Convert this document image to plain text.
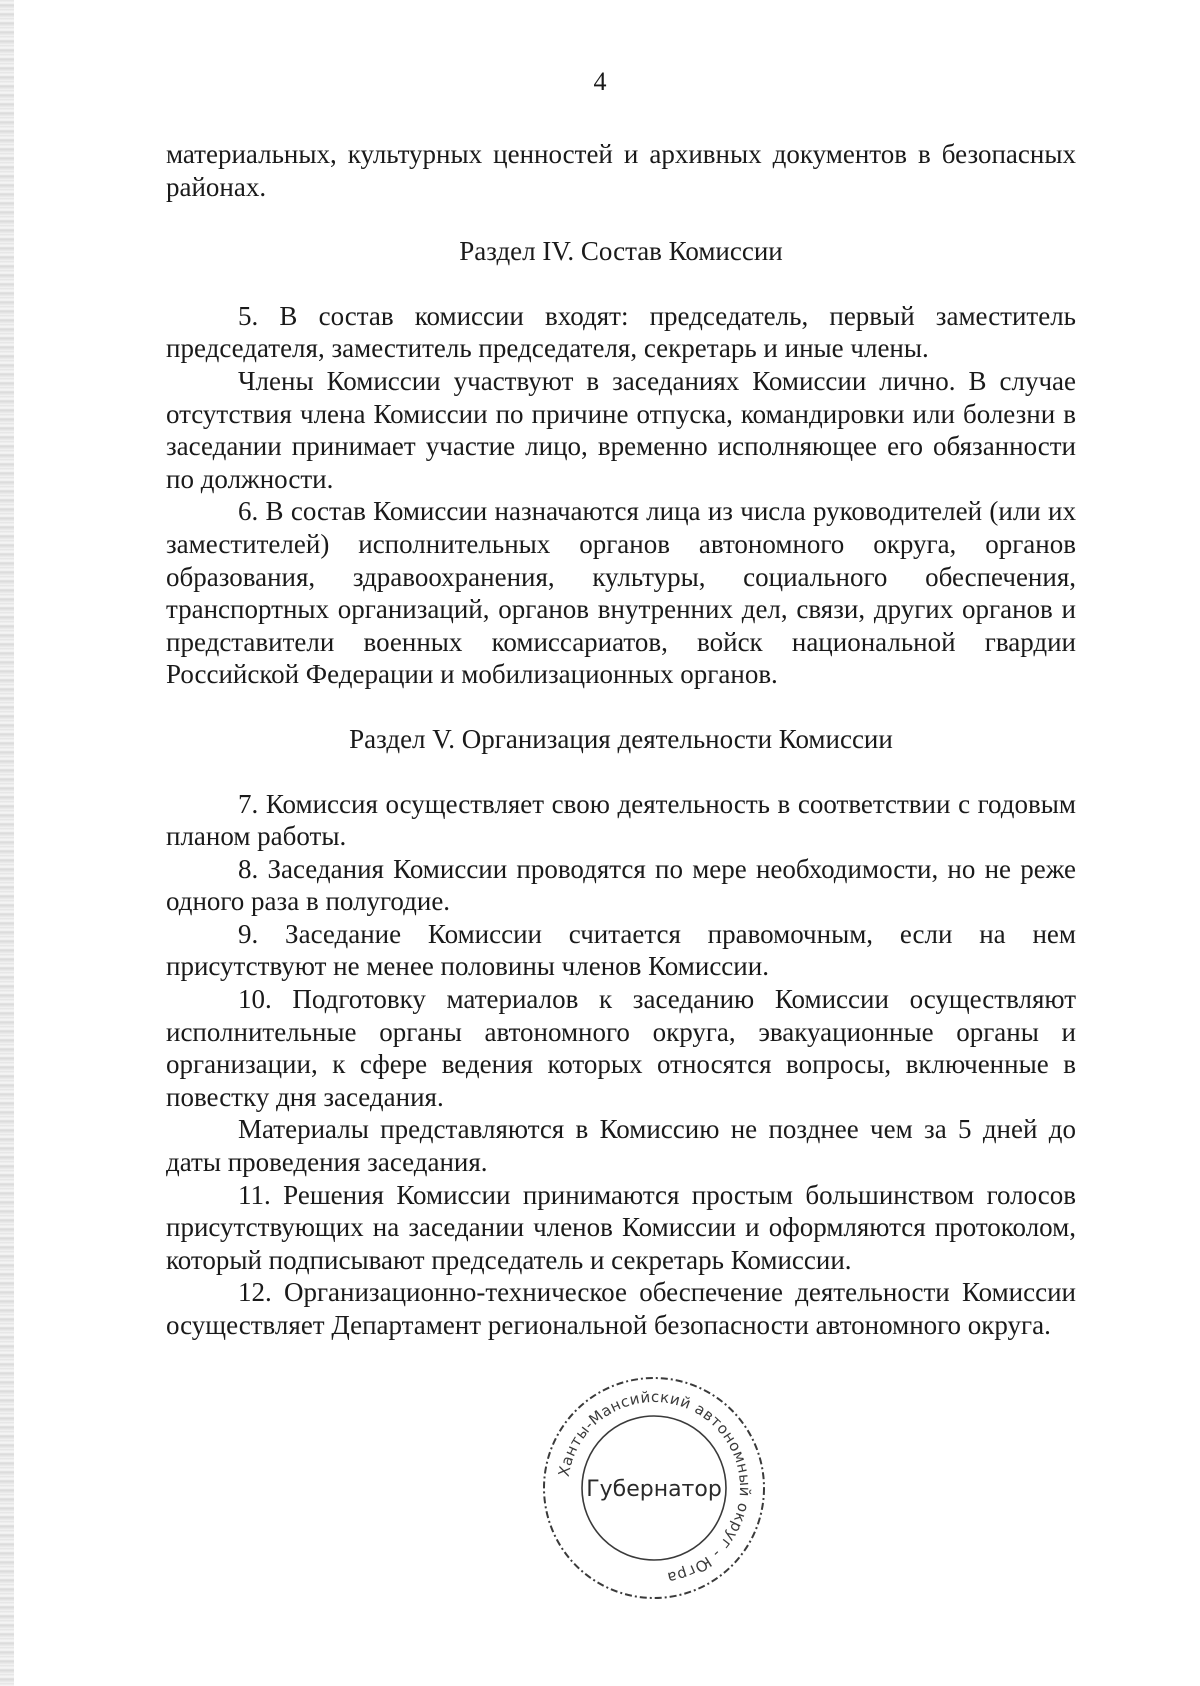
4

материальных, культурных ценностей и архивных документов в безопасных районах.

Раздел IV. Состав Комиссии

5. В состав комиссии входят: председатель, первый заместитель председателя, заместитель председателя, секретарь и иные члены.

Члены Комиссии участвуют в заседаниях Комиссии лично. В случае отсутствия члена Комиссии по причине отпуска, командировки или болезни в заседании принимает участие лицо, временно исполняющее его обязанности по должности.

6. В состав Комиссии назначаются лица из числа руководителей (или их заместителей) исполнительных органов автономного округа, органов образования, здравоохранения, культуры, социального обеспечения, транспортных организаций, органов внутренних дел, связи, других органов и представители военных комиссариатов, войск национальной гвардии Российской Федерации и мобилизационных органов.

Раздел V. Организация деятельности Комиссии

7. Комиссия осуществляет свою деятельность в соответствии с годовым планом работы.

8. Заседания Комиссии проводятся по мере необходимости, но не реже одного раза в полугодие.

9. Заседание Комиссии считается правомочным, если на нем присутствуют не менее половины членов Комиссии.

10. Подготовку материалов к заседанию Комиссии осуществляют исполнительные органы автономного округа, эвакуационные органы и организации, к сфере ведения которых относятся вопросы, включенные в повестку дня заседания.

Материалы представляются в Комиссию не позднее чем за 5 дней до даты проведения заседания.

11. Решения Комиссии принимаются простым большинством голосов присутствующих на заседании членов Комиссии и оформляются протоколом, который подписывают председатель и секретарь Комиссии.

12. Организационно-техническое обеспечение деятельности Комиссии осуществляет Департамент региональной безопасности автономного округа.

Ханты-Мансийский автономный округ - Югра
Губернатор
